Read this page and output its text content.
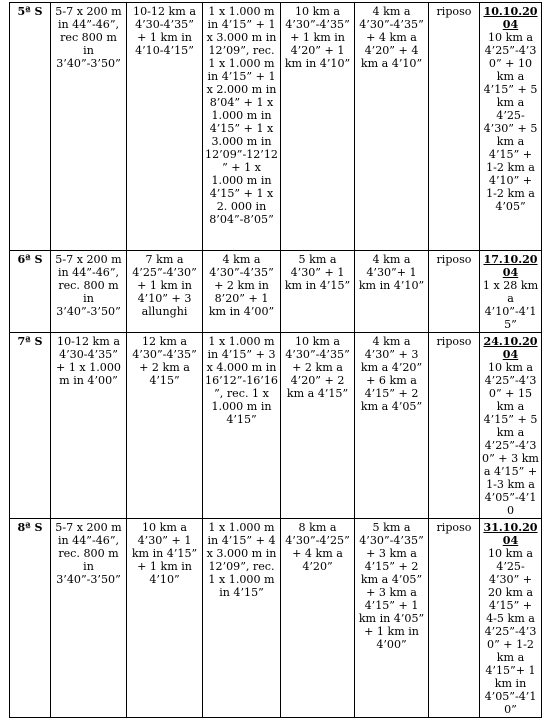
5ª S	5-7 x 200 m in 44”-46”, rec 800 m in 3’40”-3’50”	10-12 km a 4’30-4’35” + 1 km in 4’10-4’15”	1 x 1.000 m in 4’15” + 1 x 3.000 m in 12’09”, rec. 1 x 1.000 m in 4’15” + 1 x 2.000 m in 8’04” + 1 x 1.000 m in 4’15” + 1 x 3.000 m in 12’09”-12’12” + 1 x 1.000 m in 4’15” + 1 x 2. 000 in 8’04”-8’05”	10 km a 4’30”-4’35” + 1 km in 4’20” + 1 km in 4’10”	4 km a 4’30”-4’35” + 4 km a 4’20” + 4 km a 4’10”	riposo	10.10.2004
10 km a 4’25”-4’30” + 10 km a 4’15” + 5 km a 4’25-4’30” + 5 km a 4’15” + 1-2 km a 4’10” + 1-2 km a 4’05”

6ª S	5-7 x 200 m in 44”-46”, rec. 800 m in 3’40”-3’50”	7 km a 4’25”-4’30” + 1 km in 4’10” + 3 allunghi	4 km a 4’30”-4’35” + 2 km in 8’20” + 1 km in 4’00”	5 km a 4’30” + 1 km in 4’15”	4 km a 4’30”+ 1 km in 4’10”	riposo	17.10.2004
1 x 28 km a 4’10”-4’15”

7ª S	10-12 km a 4’30-4’35” + 1 x 1.000 m in 4’00”	12 km a 4’30”-4’35” + 2 km a 4’15”	1 x 1.000 m in 4’15” + 3 x 4.000 m in 16’12”-16’16”, rec. 1 x 1.000 m in 4’15”	10 km a 4’30”-4’35” + 2 km a 4’20” + 2 km a 4’15”	4 km a 4’30” + 3 km a 4’20” + 6 km a 4’15” + 2 km a 4’05”	riposo	24.10.2004
10 km a 4’25”-4’30” + 15 km a 4’15” + 5 km a 4’25”-4’30” + 3 km a 4’15” + 1-3 km a 4’05”-4’10

8ª S	5-7 x 200 m in 44”-46”, rec. 800 m in 3’40”-3’50”	10 km a 4’30” + 1 km in 4’15” + 1 km in 4’10”	1 x 1.000 m in 4’15” + 4 x 3.000 m in 12’09”, rec. 1 x 1.000 m in 4’15”	8 km a 4’30”-4’25” + 4 km a 4’20”	5 km a 4’30”-4’35” + 3 km a 4’15” + 2 km a 4’05” + 3 km a 4’15” + 1 km in 4’05” + 1 km in 4’00”	riposo	31.10.2004
10 km a 4’25-4’30” + 20 km a 4’15” + 4-5 km a 4’25”-4’30” + 1-2 km a 4’15”+ 1 km in 4’05”-4’10”
